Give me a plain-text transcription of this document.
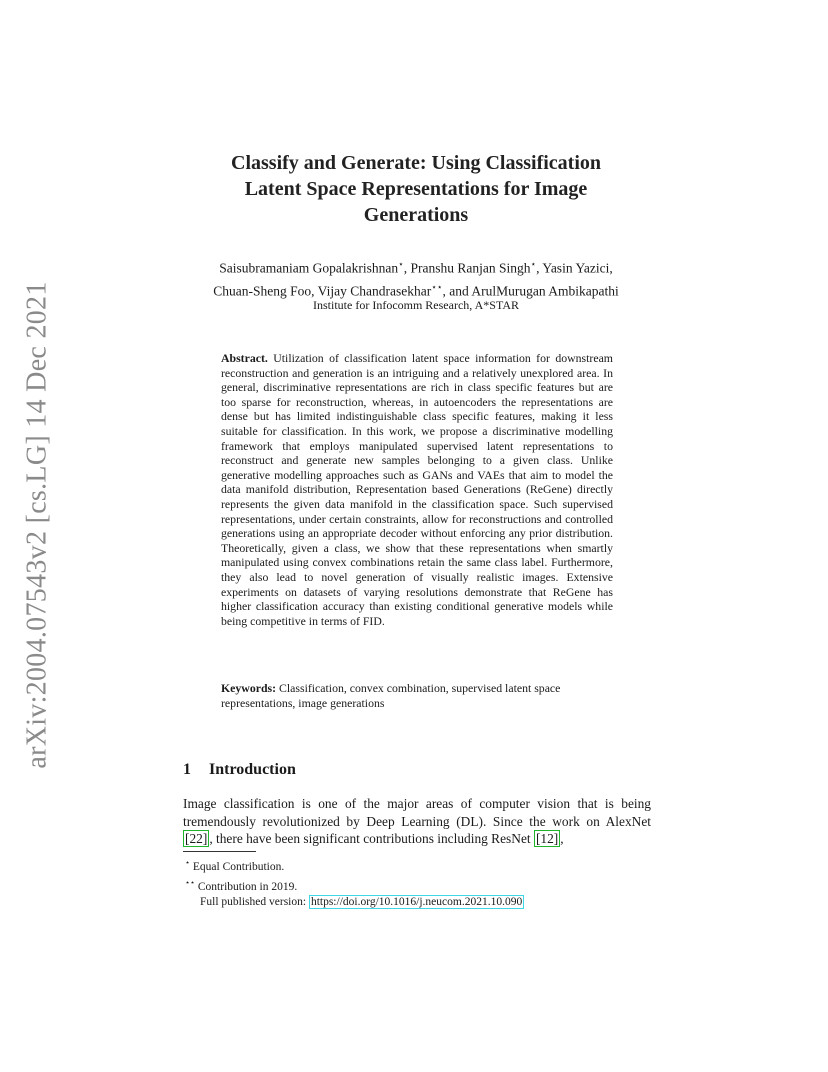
arXiv:2004.07543v2 [cs.LG] 14 Dec 2021
Classify and Generate: Using Classification
Latent Space Representations for Image
Generations
Saisubramaniam Gopalakrishnan⋆, Pranshu Ranjan Singh⋆, Yasin Yazici,
Chuan-Sheng Foo, Vijay Chandrasekhar⋆⋆, and ArulMurugan Ambikapathi
Institute for Infocomm Research, A*STAR
Abstract. Utilization of classification latent space information for downstream reconstruction and generation is an intriguing and a relatively unexplored area. In general, discriminative representations are rich in class specific features but are too sparse for reconstruction, whereas, in autoencoders the representations are dense but has limited indistinguishable class specific features, making it less suitable for classification. In this work, we propose a discriminative modelling framework that employs manipulated supervised latent representations to reconstruct and generate new samples belonging to a given class. Unlike generative modelling approaches such as GANs and VAEs that aim to model the data manifold distribution, Representation based Generations (ReGene) directly represents the given data manifold in the classification space. Such supervised representations, under certain constraints, allow for reconstructions and controlled generations using an appropriate decoder without enforcing any prior distribution. Theoretically, given a class, we show that these representations when smartly manipulated using convex combinations retain the same class label. Furthermore, they also lead to novel generation of visually realistic images. Extensive experiments on datasets of varying resolutions demonstrate that ReGene has higher classification accuracy than existing conditional generative models while being competitive in terms of FID.
Keywords: Classification, convex combination, supervised latent space representations, image generations
1 Introduction
Image classification is one of the major areas of computer vision that is being tremendously revolutionized by Deep Learning (DL). Since the work on AlexNet [22] , there have been significant contributions including ResNet [12] ,
⋆ Equal Contribution.
⋆⋆ Contribution in 2019.
Full published version: https://doi.org/10.1016/j.neucom.2021.10.090
